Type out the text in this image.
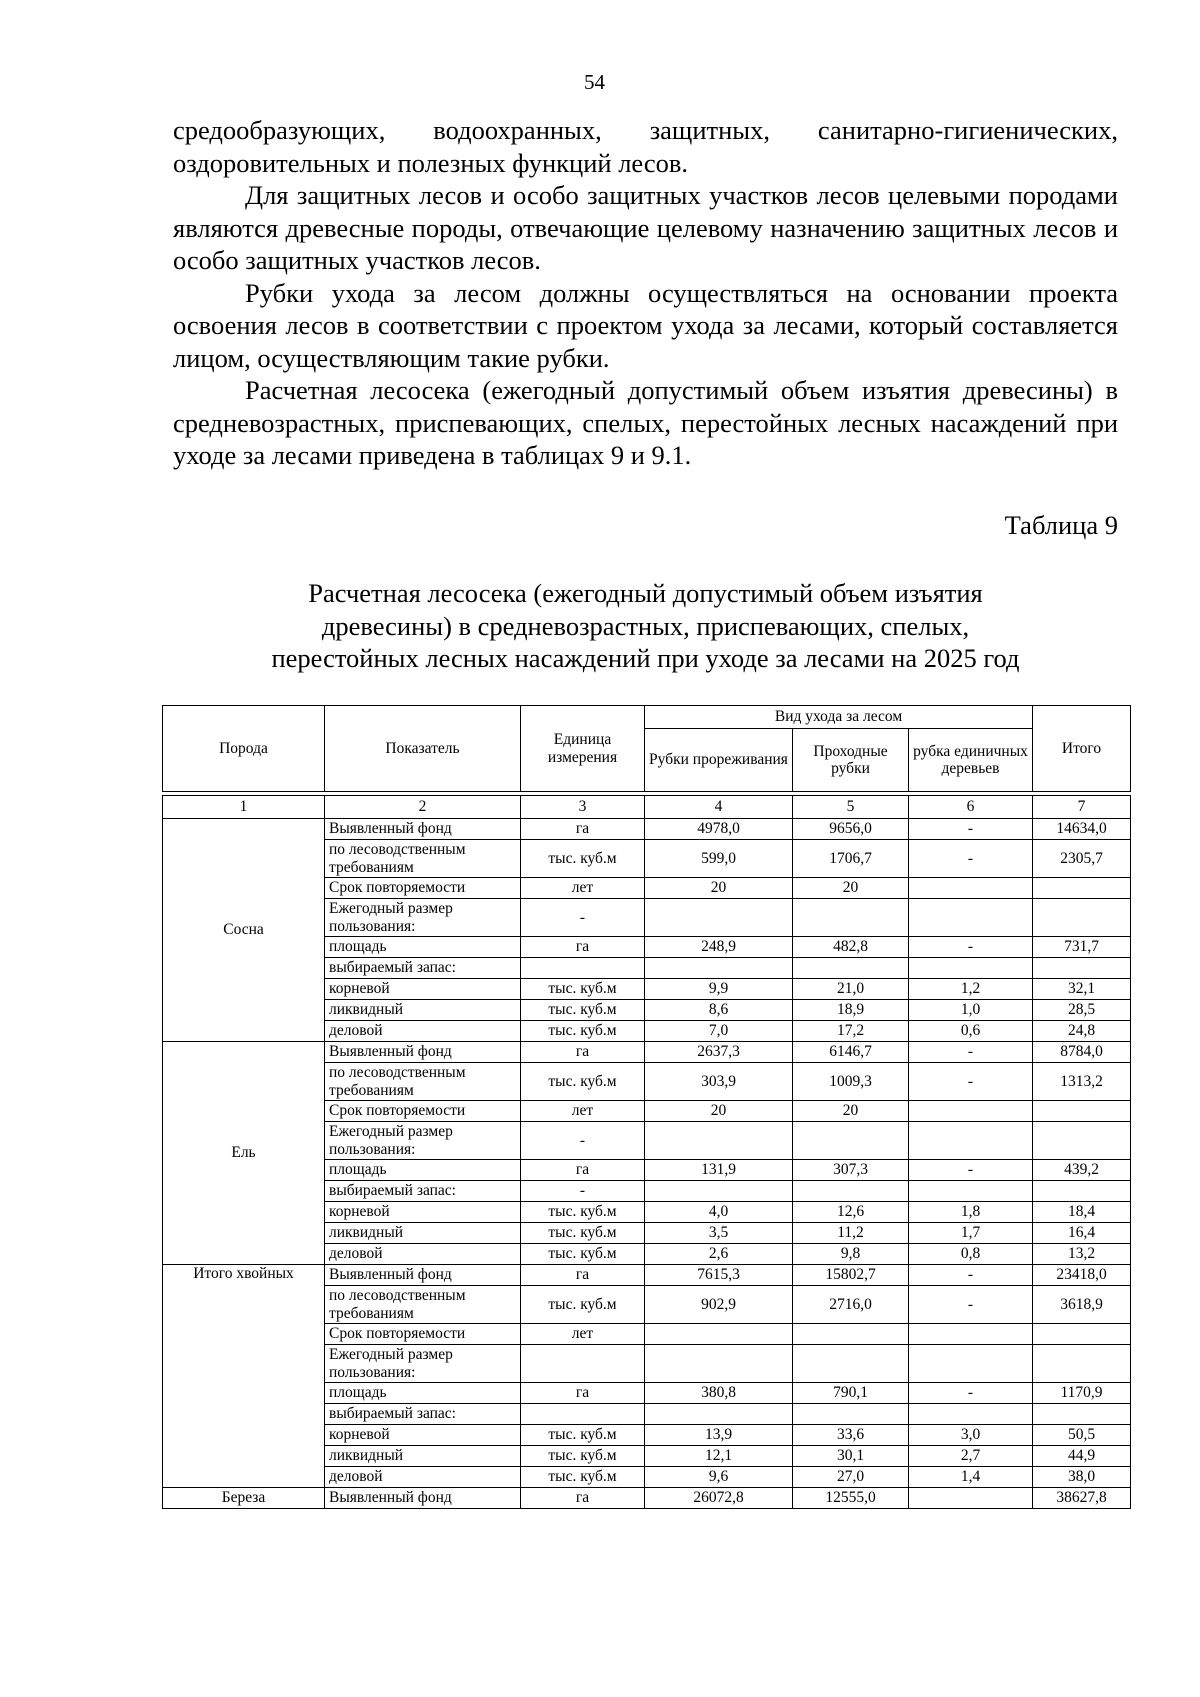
54

средообразующих, водоохранных, защитных, санитарно-гигиенических, оздоровительных и полезных функций лесов.

Для защитных лесов и особо защитных участков лесов целевыми породами являются древесные породы, отвечающие целевому назначению защитных лесов и особо защитных участков лесов.

Рубки ухода за лесом должны осуществляться на основании проекта освоения лесов в соответствии с проектом ухода за лесами, который составляется лицом, осуществляющим такие рубки.

Расчетная лесосека (ежегодный допустимый объем изъятия древесины) в средневозрастных, приспевающих, спелых, перестойных лесных насаждений при уходе за лесами приведена в таблицах 9 и 9.1.

Таблица 9
Расчетная лесосека (ежегодный допустимый объем изъятия
древесины) в средневозрастных, приспевающих, спелых,
перестойных лесных насаждений при уходе за лесами на 2025 год
Порода	Показатель	Единица измерения	Вид ухода за лесом			Итого
			Рубки прореживания	Проходные рубки	рубка единичных деревьев	

1	2	3	4	5	6	7
Сосна	Выявленный фонд	га	4978,0	9656,0	-	14634,0
	по лесоводственным требованиям	тыс. куб.м	599,0	1706,7	-	2305,7
	Срок повторяемости	лет	20	20		
	Ежегодный размер пользования:	-				
	площадь	га	248,9	482,8	-	731,7
	выбираемый запас:					
	корневой	тыс. куб.м	9,9	21,0	1,2	32,1
	ликвидный	тыс. куб.м	8,6	18,9	1,0	28,5
	деловой	тыс. куб.м	7,0	17,2	0,6	24,8
Ель	Выявленный фонд	га	2637,3	6146,7	-	8784,0
	по лесоводственным требованиям	тыс. куб.м	303,9	1009,3	-	1313,2
	Срок повторяемости	лет	20	20		
	Ежегодный размер пользования:	-				
	площадь	га	131,9	307,3	-	439,2
	выбираемый запас:	-				
	корневой	тыс. куб.м	4,0	12,6	1,8	18,4
	ликвидный	тыс. куб.м	3,5	11,2	1,7	16,4
	деловой	тыс. куб.м	2,6	9,8	0,8	13,2
Итого хвойных	Выявленный фонд	га	7615,3	15802,7	-	23418,0
	по лесоводственным требованиям	тыс. куб.м	902,9	2716,0	-	3618,9
	Срок повторяемости	лет				
	Ежегодный размер пользования:					
	площадь	га	380,8	790,1	-	1170,9
	выбираемый запас:					
	корневой	тыс. куб.м	13,9	33,6	3,0	50,5
	ликвидный	тыс. куб.м	12,1	30,1	2,7	44,9
	деловой	тыс. куб.м	9,6	27,0	1,4	38,0
Береза	Выявленный фонд	га	26072,8	12555,0		38627,8
